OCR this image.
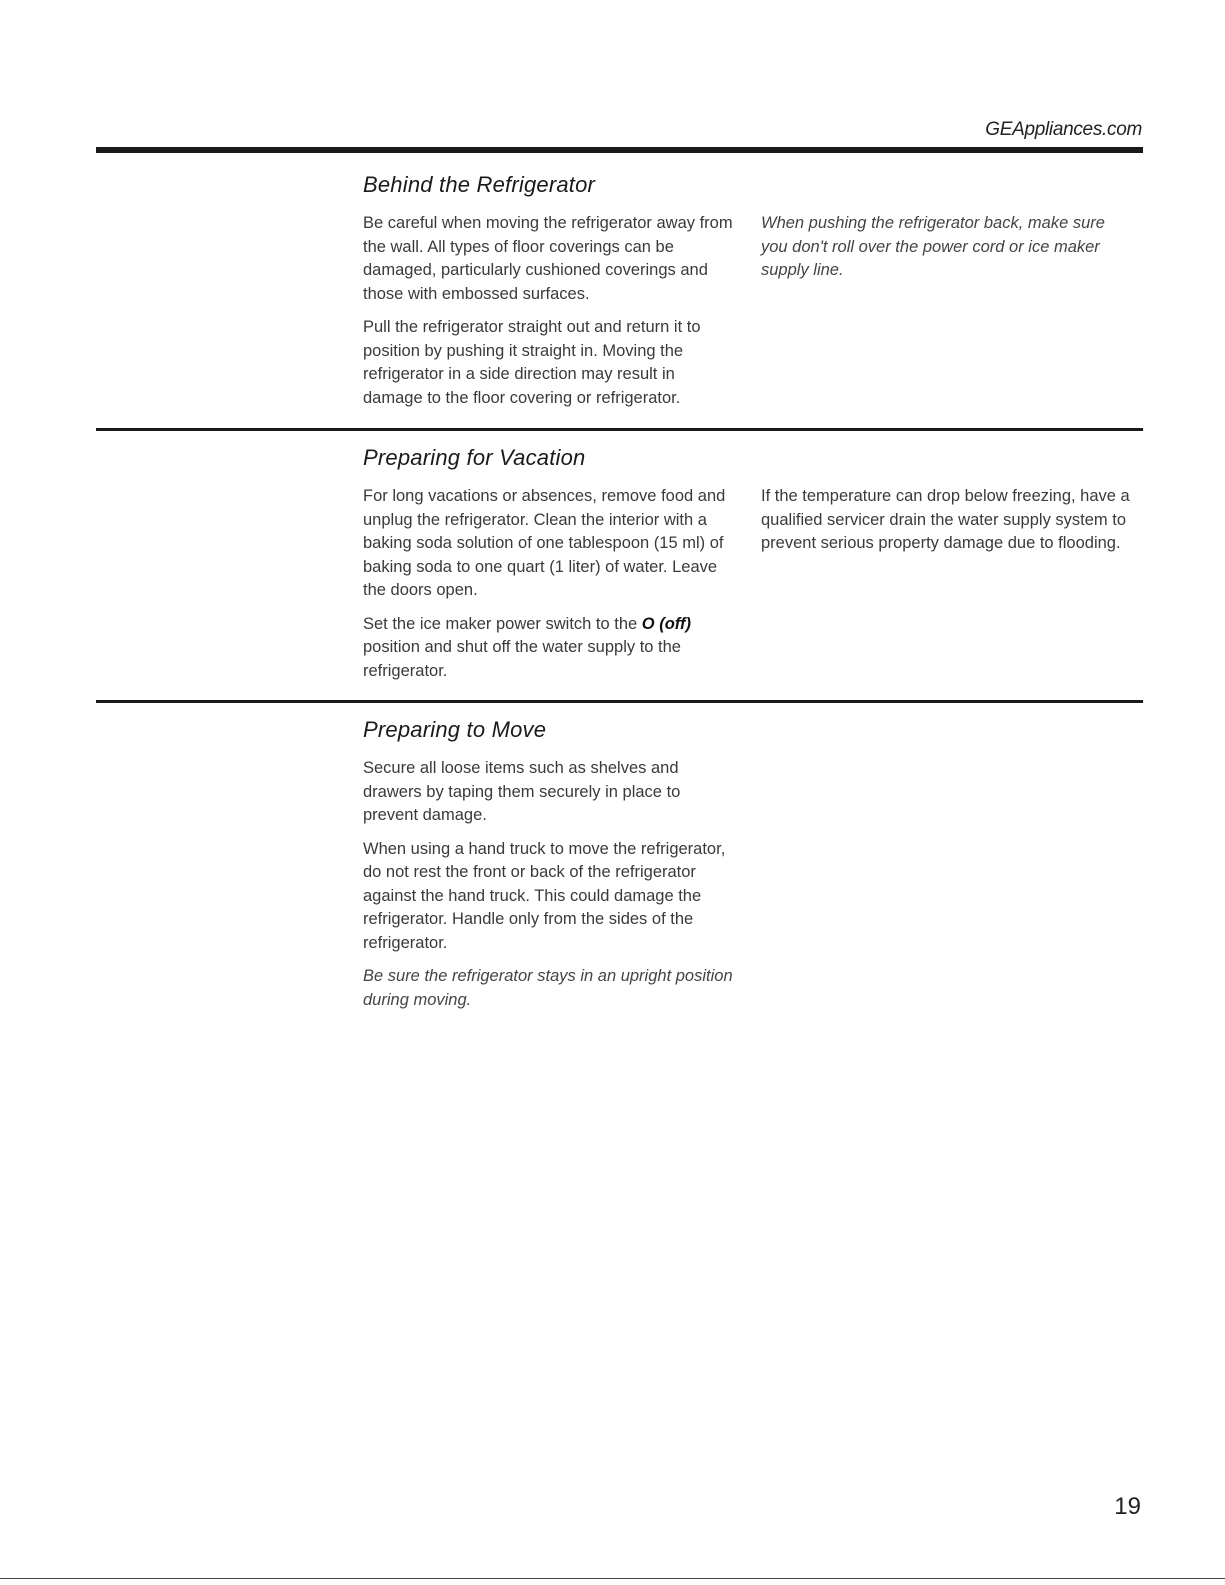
GEAppliances.com
Behind the Refrigerator

Be careful when moving the refrigerator away from the wall. All types of floor coverings can be damaged, particularly cushioned coverings and those with embossed surfaces.

Pull the refrigerator straight out and return it to position by pushing it straight in. Moving the refrigerator in a side direction may result in damage to the floor covering or refrigerator.

When pushing the refrigerator back, make sure you don't roll over the power cord or ice maker supply line.

Preparing for Vacation

For long vacations or absences, remove food and unplug the refrigerator. Clean the interior with a baking soda solution of one tablespoon (15 ml) of baking soda to one quart (1 liter) of water. Leave the doors open.

Set the ice maker power switch to the O (off) position and shut off the water supply to the refrigerator.

If the temperature can drop below freezing, have a qualified servicer drain the water supply system to prevent serious property damage due to flooding.

Preparing to Move

Secure all loose items such as shelves and drawers by taping them securely in place to prevent damage.

When using a hand truck to move the refrigerator, do not rest the front or back of the refrigerator against the hand truck. This could damage the refrigerator. Handle only from the sides of the refrigerator.

Be sure the refrigerator stays in an upright position during moving.

19
